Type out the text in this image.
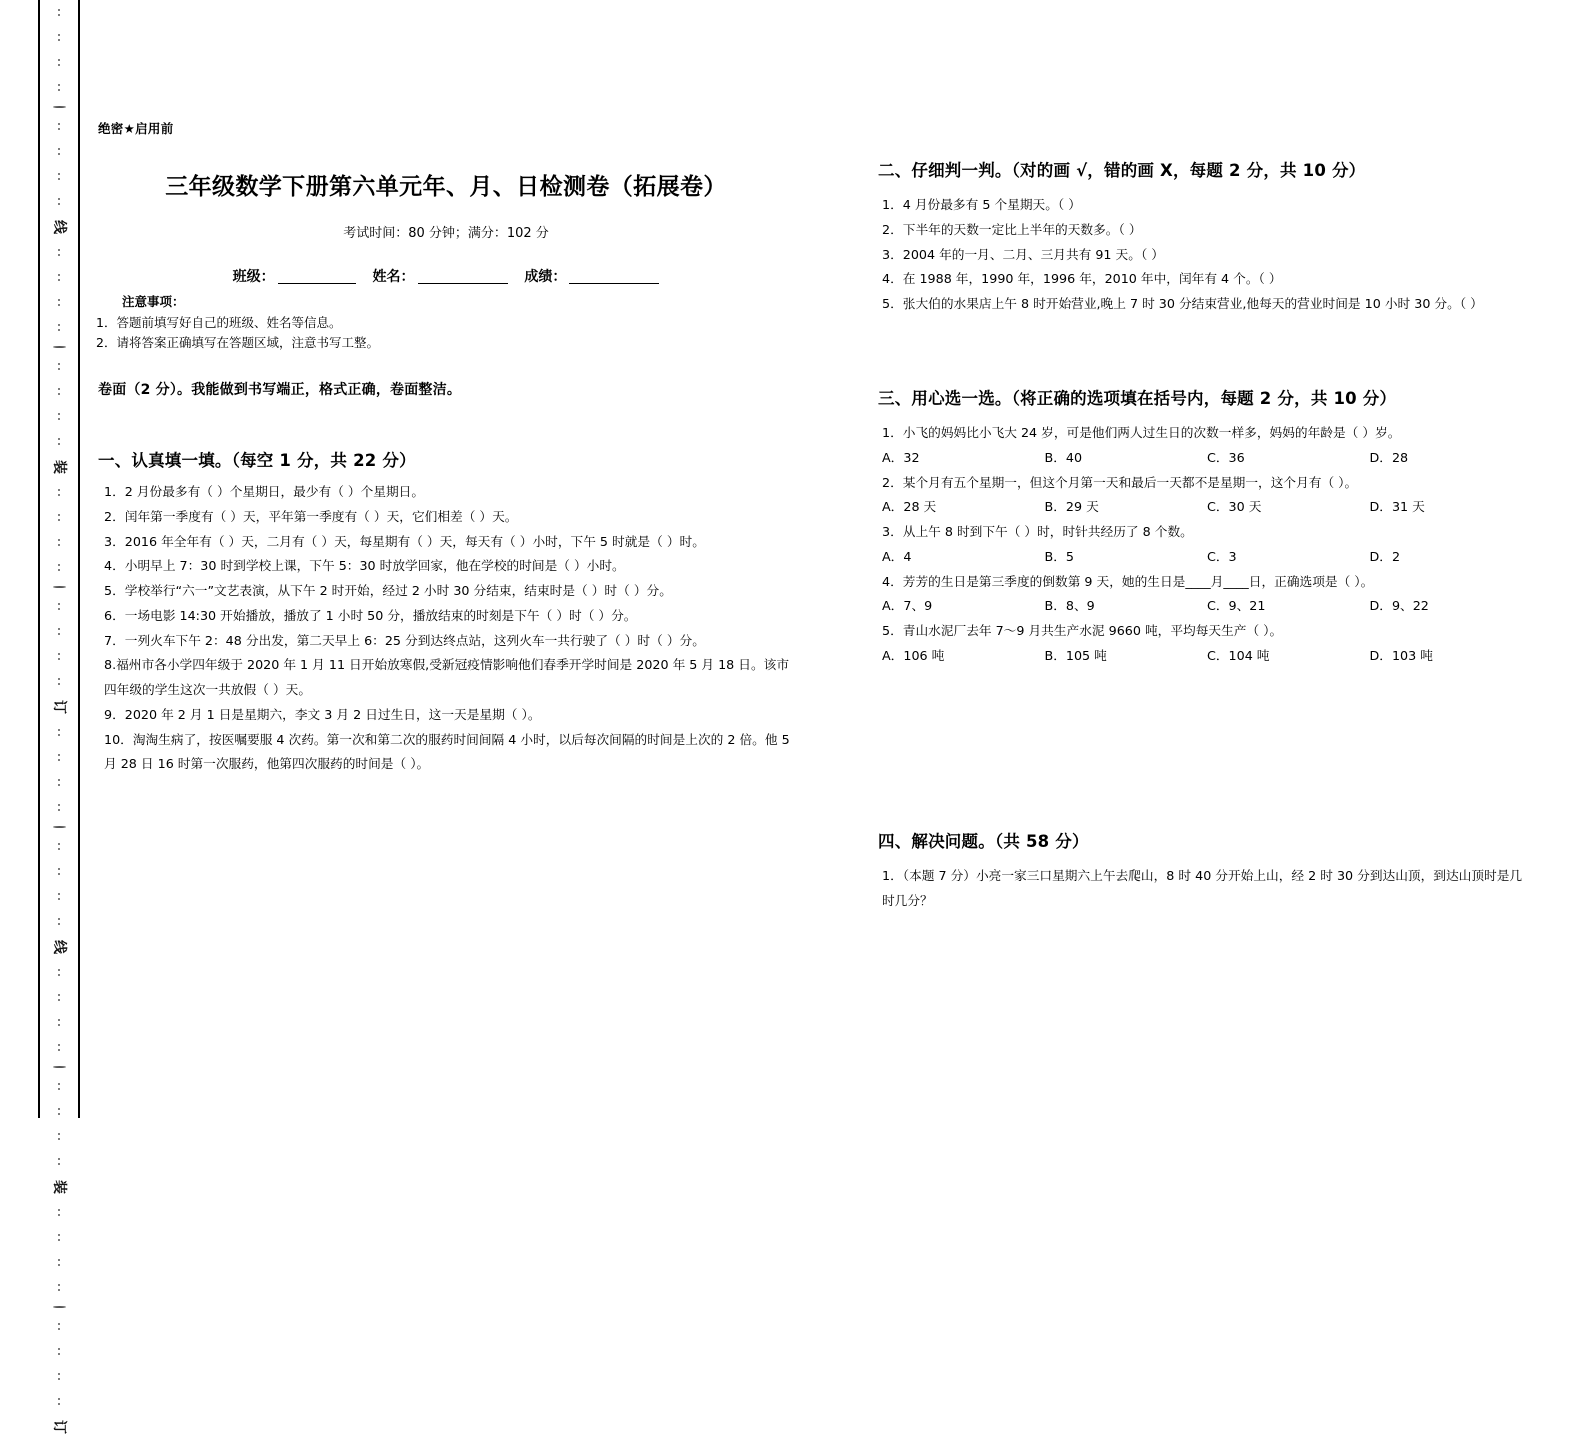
线
装
订
线
装
订
绝密★启用前
三年级数学下册第六单元年、月、日检测卷（拓展卷）
考试时间：80 分钟；满分：102 分
班级：	姓名：	成绩：
注意事项：
1．答题前填写好自己的班级、姓名等信息。
2．请将答案正确填写在答题区域，注意书写工整。
卷面（2 分）。我能做到书写端正，格式正确，卷面整洁。
一、认真填一填。（每空 1 分，共 22 分）
1．2 月份最多有（ ）个星期日，最少有（ ）个星期日。
2．闰年第一季度有（ ）天，平年第一季度有（ ）天，它们相差（ ）天。
3．2016 年全年有（ ）天，二月有（ ）天，每星期有（ ）天，每天有（ ）小时，下午 5 时就是（ ）时。
4．小明早上 7：30 时到学校上课，下午 5：30 时放学回家，他在学校的时间是（ ）小时。
5．学校举行“六一”文艺表演，从下午 2 时开始，经过 2 小时 30 分结束，结束时是（ ）时（ ）分。
6．一场电影 14:30 开始播放，播放了 1 小时 50 分，播放结束的时刻是下午（ ）时（ ）分。
7．一列火车下午 2：48 分出发，第二天早上 6：25 分到达终点站，这列火车一共行驶了（ ）时（ ）分。
8.福州市各小学四年级于 2020 年 1 月 11 日开始放寒假,受新冠疫情影响他们春季开学时间是 2020 年 5 月 18 日。该市四年级的学生这次一共放假（ ）天。
9．2020 年 2 月 1 日是星期六，李文 3 月 2 日过生日，这一天是星期（ ）。
10．淘淘生病了，按医嘱要服 4 次药。第一次和第二次的服药时间间隔 4 小时，以后每次间隔的时间是上次的 2 倍。他 5 月 28 日 16 时第一次服药，他第四次服药的时间是（ ）。
二、仔细判一判。（对的画 √，错的画 X，每题 2 分，共 10 分）
1．4 月份最多有 5 个星期天。（ ）
2．下半年的天数一定比上半年的天数多。（ ）
3．2004 年的一月、二月、三月共有 91 天。（ ）
4．在 1988 年，1990 年，1996 年，2010 年中，闰年有 4 个。（ ）
5．张大伯的水果店上午 8 时开始营业,晚上 7 时 30 分结束营业,他每天的营业时间是 10 小时 30 分。（ ）
三、用心选一选。（将正确的选项填在括号内，每题 2 分，共 10 分）
1．小飞的妈妈比小飞大 24 岁，可是他们两人过生日的次数一样多，妈妈的年龄是（ ）岁。
A．32	B．40	C．36	D．28
2．某个月有五个星期一，但这个月第一天和最后一天都不是星期一，这个月有（ ）。
A．28 天	B．29 天	C．30 天	D．31 天
3．从上午 8 时到下午（ ）时，时针共经历了 8 个数。
A．4	B．5	C．3	D．2
4．芳芳的生日是第三季度的倒数第 9 天，她的生日是____月____日，正确选项是（ ）。
A．7、9	B．8、9	C．9、21	D．9、22
5．青山水泥厂去年 7～9 月共生产水泥 9660 吨，平均每天生产（ ）。
A．106 吨	B．105 吨	C．104 吨	D．103 吨
四、解决问题。（共 58 分）
1．（本题 7 分）小亮一家三口星期六上午去爬山，8 时 40 分开始上山，经 2 时 30 分到达山顶，到达山顶时是几时几分？
